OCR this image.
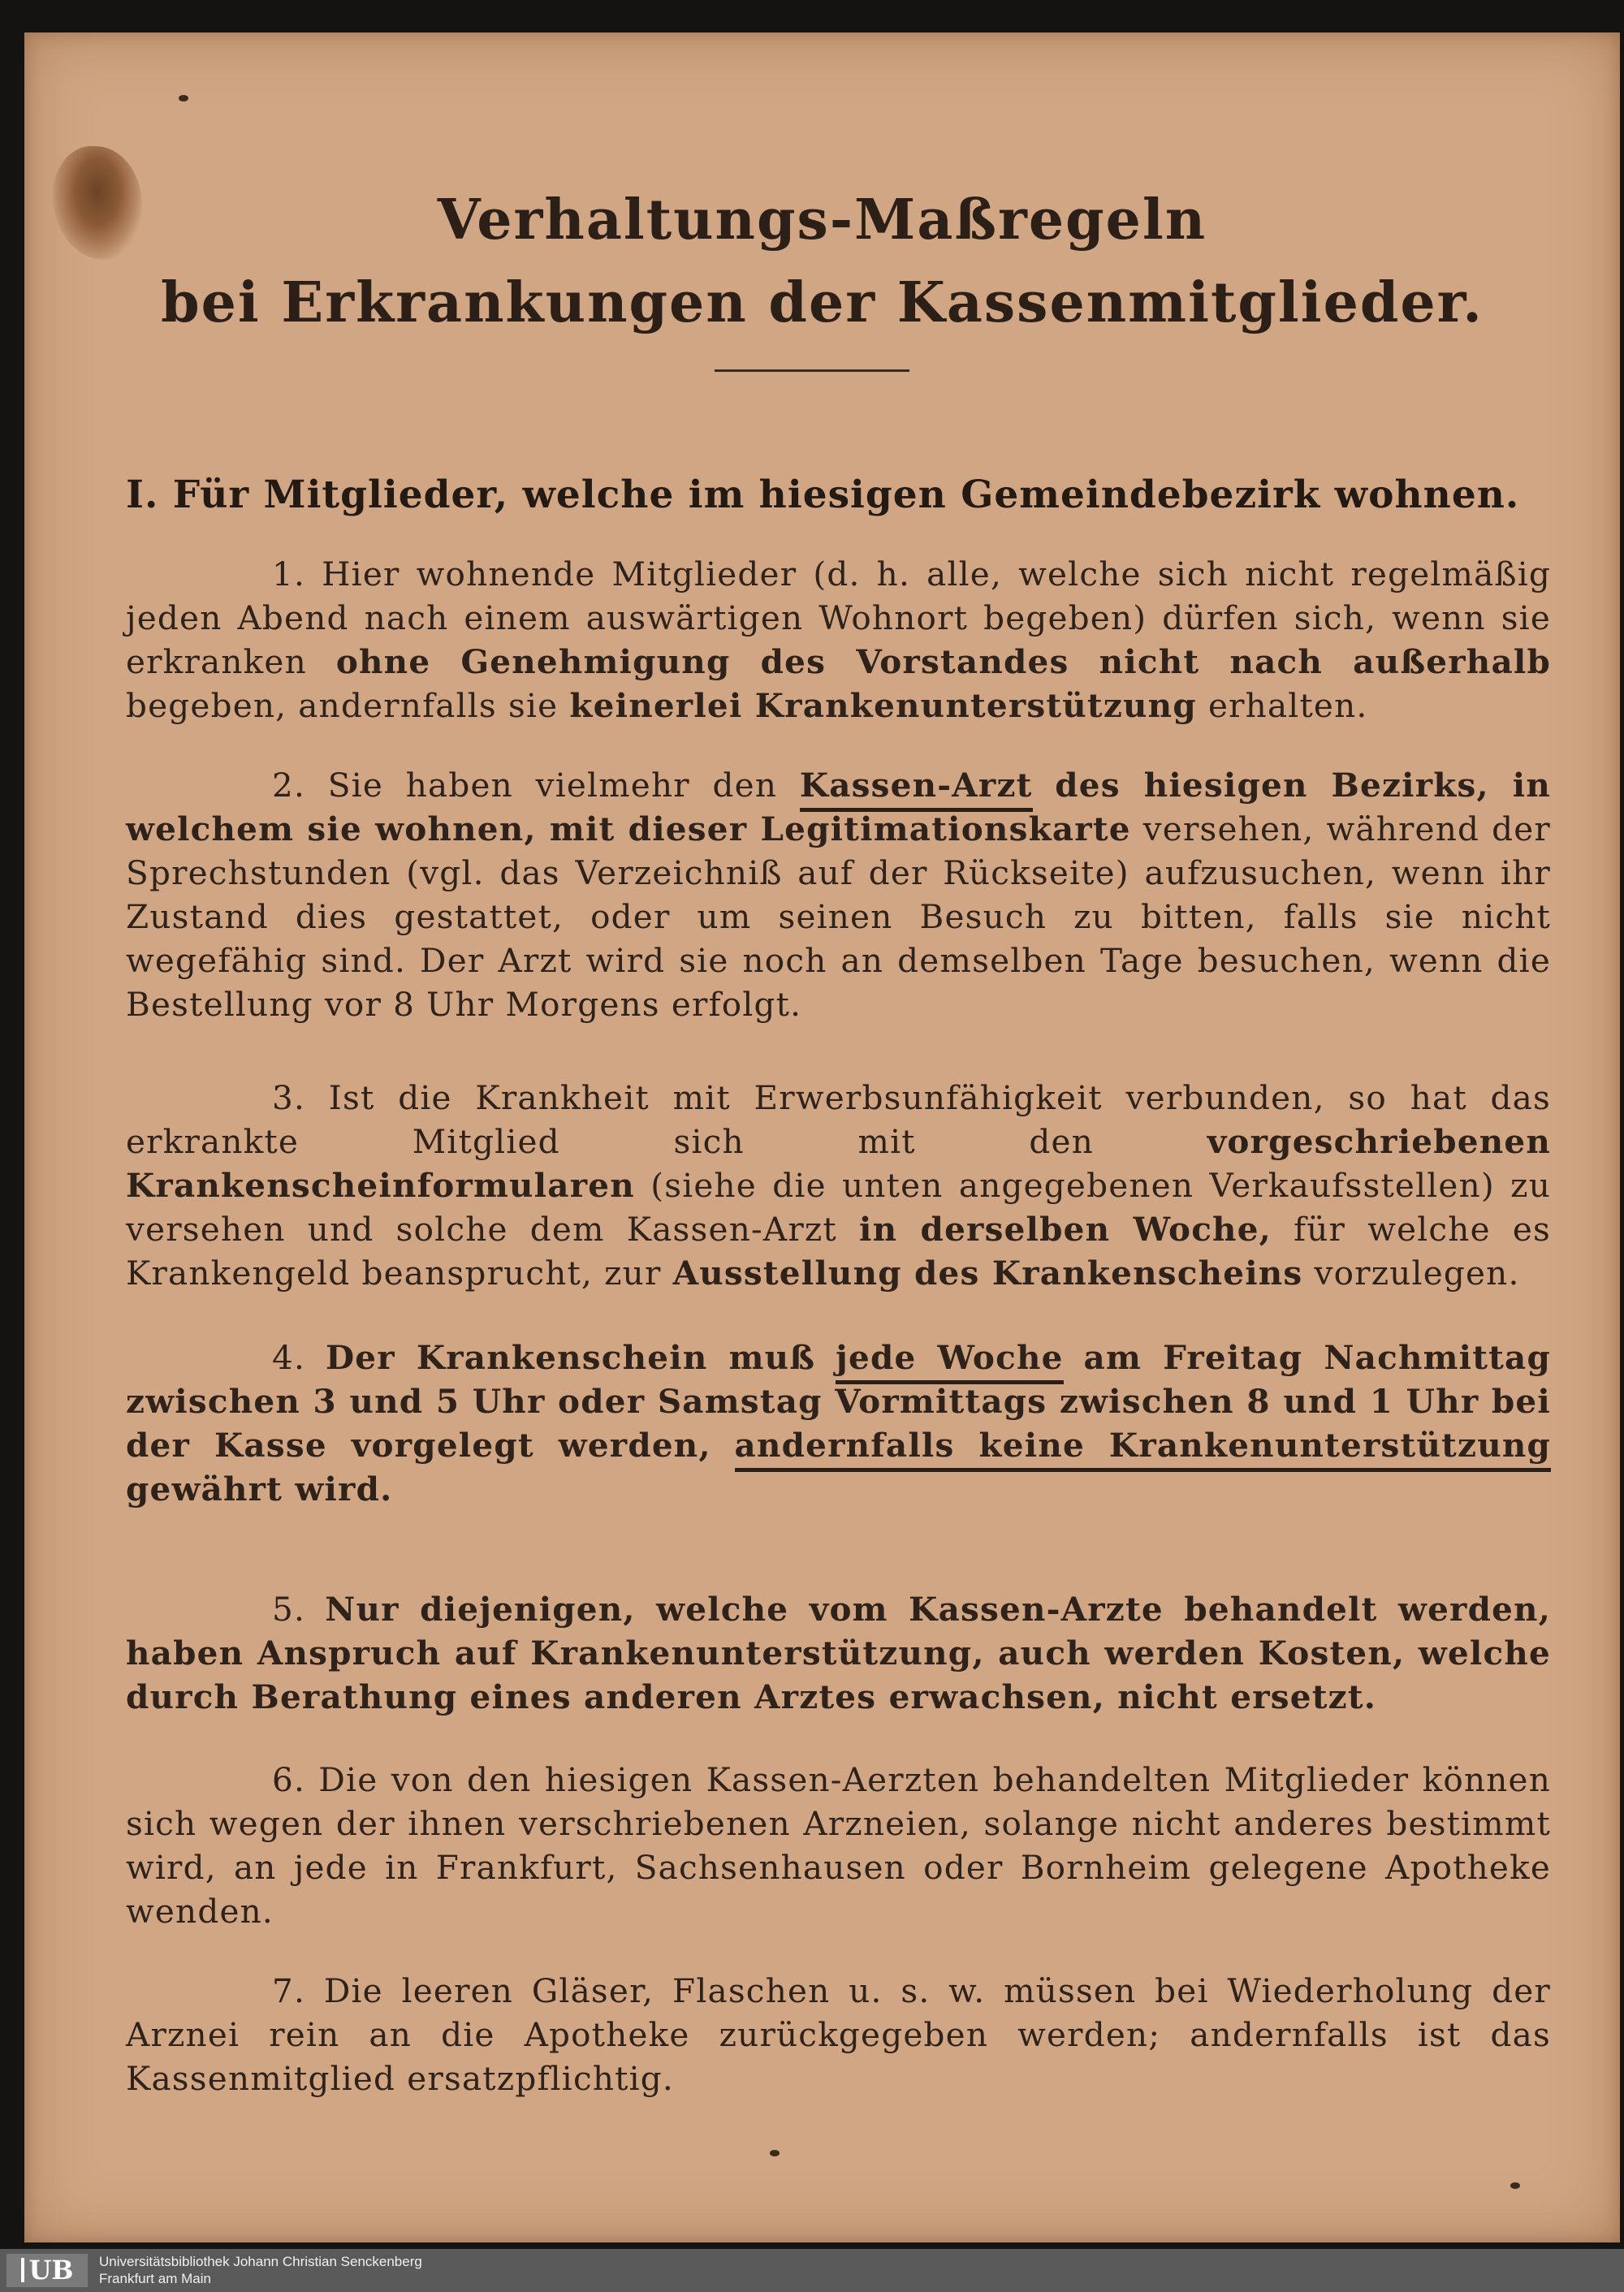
Verhaltungs-Maßregeln
bei Erkrankungen der Kassenmitglieder.
I. Für Mitglieder, welche im hiesigen Gemeindebezirk wohnen.
1. Hier wohnende Mitglieder (d. h. alle, welche sich nicht regelmäßig jeden Abend nach einem auswärtigen Wohnort begeben) dürfen sich, wenn sie erkranken ohne Genehmigung des Vorstandes nicht nach außerhalb begeben, andernfalls sie keinerlei Krankenunterstützung erhalten.
2. Sie haben vielmehr den Kassen-Arzt des hiesigen Bezirks, in welchem sie wohnen, mit dieser Legitimationskarte versehen, während der Sprechstunden (vgl. das Verzeichniß auf der Rückseite) aufzusuchen, wenn ihr Zustand dies gestattet, oder um seinen Besuch zu bitten, falls sie nicht wegefähig sind. Der Arzt wird sie noch an demselben Tage besuchen, wenn die Bestellung vor 8 Uhr Morgens erfolgt.
3. Ist die Krankheit mit Erwerbsunfähigkeit verbunden, so hat das erkrankte Mitglied sich mit den	vorgeschriebenen Krankenscheinformularen (siehe die unten angegebenen Verkaufsstellen) zu versehen und solche dem Kassen-Arzt in derselben Woche, für welche es Krankengeld beansprucht, zur Ausstellung des Krankenscheins vorzulegen.
4. Der Krankenschein muß jede Woche am Freitag Nachmittag zwischen 3 und 5 Uhr oder Samstag Vormittags zwischen 8 und 1 Uhr bei der Kasse vorgelegt werden, andernfalls keine Krankenunterstützung gewährt wird.
5. Nur diejenigen, welche vom Kassen-Arzte behandelt werden, haben Anspruch auf Krankenunterstützung, auch werden Kosten, welche durch Berathung eines anderen Arztes erwachsen, nicht ersetzt.
6. Die von den hiesigen Kassen-Aerzten behandelten Mitglieder können sich wegen der ihnen verschriebenen Arzneien, solange nicht anderes bestimmt wird, an jede in Frankfurt, Sachsenhausen oder Bornheim gelegene Apotheke wenden.
7. Die leeren Gläser, Flaschen u. s. w. müssen bei Wiederholung der Arznei rein an die Apotheke zurückgegeben werden; andernfalls ist das Kassenmitglied ersatzpflichtig.
UB	Universitätsbibliothek Johann Christian Senckenberg
Frankfurt am Main
